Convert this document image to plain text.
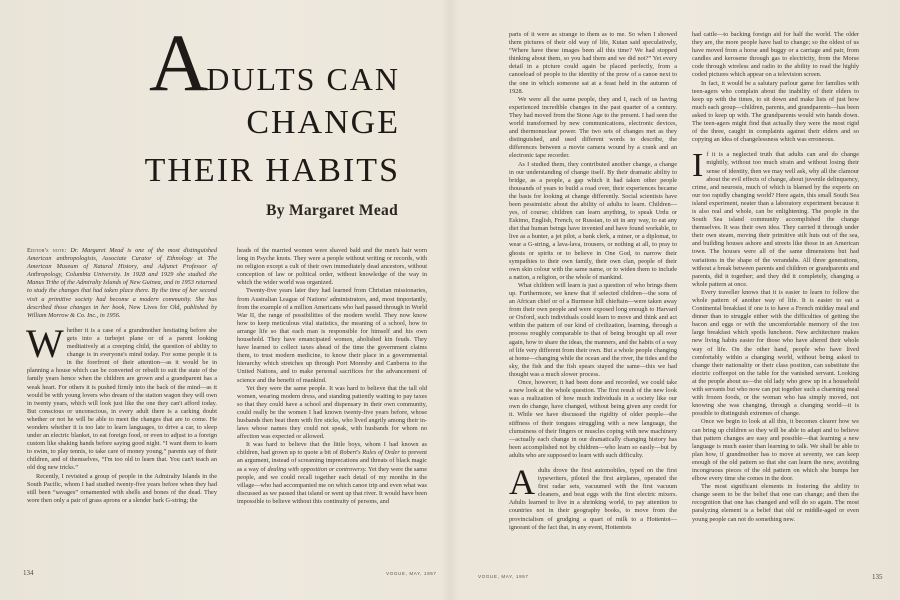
ADULTS CAN
CHANGE
THEIR HABITS
By Margaret Mead

Editor's note: Dr. Margaret Mead is one of the most distinguished American anthropologists, Associate Curator of Ethnology at The American Museum of Natural History, and Adjunct Professor of Anthropology, Columbia University. In 1928 and 1929 she studied the Manus Tribe of the Admiralty Islands of New Guinea, and in 1953 returned to study the changes that had taken place there. By the time of her second visit a primitive society had become a modern community. She has described those changes in her book, New Lives for Old, published by William Morrow & Co. Inc., in 1956.

Whether it is a case of a grandmother hesitating before she gets into a turbojet plane or of a parent looking meditatively at a creeping child, the question of ability to change is in everyone's mind today. For some people it is in the forefront of their attention—as it would be in planning a house which can be converted or rebuilt to suit the state of the family years hence when the children are grown and a grandparent has a weak heart. For others it is pushed firmly into the back of the mind—as it would be with young lovers who dream of the station wagon they will own in twenty years, which will look just like the one they can't afford today. But conscious or unconscious, in every adult there is a carking doubt whether or not he will be able to meet the changes that are to come. He wonders whether it is too late to learn languages, to drive a car, to sleep under an electric blanket, to eat foreign food, or even to adjust to a foreign custom like shaking hands before saying good night. “I want them to learn to swim, to play tennis, to take care of money young,” parents say of their children, and of themselves, “I'm too old to learn that. You can't teach an old dog new tricks.”

Recently, I revisited a group of people in the Admiralty Islands in the South Pacific, whom I had studied twenty-five years before when they had still been “savages” ornamented with shells and bones of the dead. They wore then only a pair of grass aprons or a slender bark G-string; the

heads of the married women were shaved bald and the men's hair worn long in Psyche knots. They were a people without writing or records, with no religion except a cult of their own immediately dead ancestors, without conception of law or political order, without knowledge of the way in which the wider world was organized.

Twenty-five years later they had learned from Christian missionaries, from Australian League of Nations' administrators, and, most importantly, from the example of a million Americans who had passed through in World War II, the range of possibilities of the modern world. They now know how to keep meticulous vital statistics, the meaning of a school, how to arrange life so that each man is responsible for himself and his own household. They have emancipated women, abolished kin feuds. They have learned to collect taxes ahead of the time the government claims them, to trust modern medicine, to know their place in a governmental hierarchy which stretches up through Port Moresby and Canberra to the United Nations, and to make personal sacrifices for the advancement of science and the benefit of mankind.

Yet they were the same people. It was hard to believe that the tall old women, wearing modern dress, and standing patiently waiting to pay taxes so that they could have a school and dispensary in their own community, could really be the women I had known twenty-five years before, whose husbands then beat them with fire sticks, who lived angrily among their in-laws whose names they could not speak, with husbands for whom no affection was expected or allowed.

It was hard to believe that the little boys, whom I had known as children, had grown up to quote a bit of Robert's Rules of Order to prevent an argument, instead of screaming imprecations and threats of black magic as a way of dealing with opposition or controversy. Yet they were the same people, and we could recall together each detail of my months in the village—who had accompanied me on which canoe trip and even what was discussed as we passed that island or went up that river. It would have been impossible to believe without this continuity of persons, and

134	VOGUE, MAY, 1957

parts of it were as strange to them as to me. So when I showed them pictures of their old way of life, Kutan said speculatively, “Where have these images been all this time? We had stopped thinking about them, so you had them and we did not?” Yet every detail in a picture could again be placed perfectly, from a canoeload of people to the identity of the prow of a canoe next to the one in which someone sat at a feast held in the autumn of 1928.

We were all the same people, they and I, each of us having experienced incredible changes in the past quarter of a century. They had moved from the Stone Age to the present. I had seen the world transformed by new communications, electronic devices, and thermonuclear power. The two sets of changes met as they distinguished, and used different words to describe, the differences between a movie camera wound by a crank and an electronic tape recorder.

As I studied them, they contributed another change, a change in our understanding of change itself. By their dramatic ability to bridge, as a people, a gap which it had taken other people thousands of years to build a road over, their experiences became the basis for looking at change differently. Social scientists have been pessimistic about the ability of adults to learn. Children—yes, of course; children can learn anything, to speak Urdu or Eskimo, English, French, or Russian, to sit in any way, to eat any diet that human beings have invented and have found workable, to live as a hunter, a jet pilot, a bank clerk, a miner, or a diplomat, to wear a G-string, a lava-lava, trousers, or nothing at all, to pray to ghosts or spirits or to believe in One God, to narrow their sympathies to their own family, their own clan, people of their own skin colour with the same name, or to widen them to include a nation, a religion, or the whole of mankind.

What children will learn is just a question of who brings them up. Furthermore, we knew that if selected children—the sons of an African chief or of a Burmese hill chieftain—were taken away from their own people and were exposed long enough to Harvard or Oxford, such individuals could learn to move and think and act within the pattern of our kind of civilization, learning, through a process roughly comparable to that of being brought up all over again, how to share the ideas, the manners, and the habits of a way of life very different from their own. But a whole people changing at home—changing while the ocean and the river, the tides and the sky, the fish and the fish spears stayed the same—this we had thought was a much slower process.

Once, however, it had been done and recorded, we could take a new look at the whole question. The first result of the new look was a realization of how much individuals in a society like our own do change, have changed, without being given any credit for it. While we have discussed the rigidity of older people—the stiffness of their tongues struggling with a new language, the clumsiness of their fingers or muscles coping with new machinery—actually each change in our dramatically changing history has been accomplished not by children—who learn so easily—but by adults who are supposed to learn with such difficulty.

Adults drove the first automobiles, typed on the first typewriters, piloted the first airplanes, operated the first radar sets, vacuumed with the first vacuum cleaners, and beat eggs with the first electric mixers. Adults learned to live in a shrinking world, to pay attention to countries not in their geography books, to move from the provincialism of grudging a quart of milk to a Hottentot—ignorant of the fact that, in any event, Hottentots

had cattle—to backing foreign aid for half the world. The older they are, the more people have had to change; so the oldest of us have moved from a horse and buggy or a carriage and pair, from candles and kerosene through gas to electricity, from the Morse code through wireless and radio to the ability to read the highly coded pictures which appear on a television screen.

In fact, it would be a salutary parlour game for families with teen-agers who complain about the inability of their elders to keep up with the times, to sit down and make lists of just how much each group—children, parents, and grandparents—has been asked to keep up with. The grandparents would win hands down. The teen-agers might find that actually they were the most rigid of the three, caught in complaints against their elders and so copying an idea of changelessness which was erroneous.

If it is a neglected truth that adults can and do change mightily, without too much strain and without losing their sense of identity, then we may well ask, why all the clamour about the evil effects of change, about juvenile delinquency, crime, and neurosis, much of which is blamed by the experts on our too rapidly changing world? Here again, this small South Sea island experiment, neater than a laboratory experiment because it is also real and whole, can be enlightening. The people in the South Sea island community accomplished the change themselves. It was their own idea. They carried it through under their own steam, moving their primitive stilt huts out of the sea, and building houses ashore and streets like those in an American town. The houses were all of the same dimensions but had variations in the shape of the verandahs. All three generations, without a break between parents and children or grandparents and parents, did it together; and they did it completely, changing a whole pattern at once.

Every traveller knows that it is easier to learn to follow the whole pattern of another way of life. It is easier to eat a Continental breakfast if one is to have a French midday meal and dinner than to struggle either with the difficulties of getting the bacon and eggs or with the uncomfortable memory of the too large breakfast which spoils luncheon. New architecture makes new living habits easier for those who have altered their whole way of life. On the other hand, people who have lived comfortably within a changing world, without being asked to change their nationality or their class position, can substitute the electric coffeepot on the table for the vanished servant. Looking at the people about us—the old lady who grew up in a household with servants but who now can put together such a charming meal with frozen foods, or the woman who has simply moved, not knowing she was changing, through a changing world—it is possible to distinguish extremes of change.

Once we begin to look at all this, it becomes clearer how we can bring up children so they will be able to adapt and to believe that pattern changes are easy and possible—that learning a new language is much easier than learning to talk. We shall be able to plan how, if grandmother has to move at seventy, we can keep enough of the old pattern so that she can learn the new, avoiding incongruous pieces of the old pattern on which she bumps her elbow every time she comes in the door.

The most significant elements in fostering the ability to change seem to be the belief that one can change; and then the recognition that one has changed and will do so again. The most paralyzing element is a belief that old or middle-aged or even young people can not do something new.

VOGUE, MAY, 1957	135
